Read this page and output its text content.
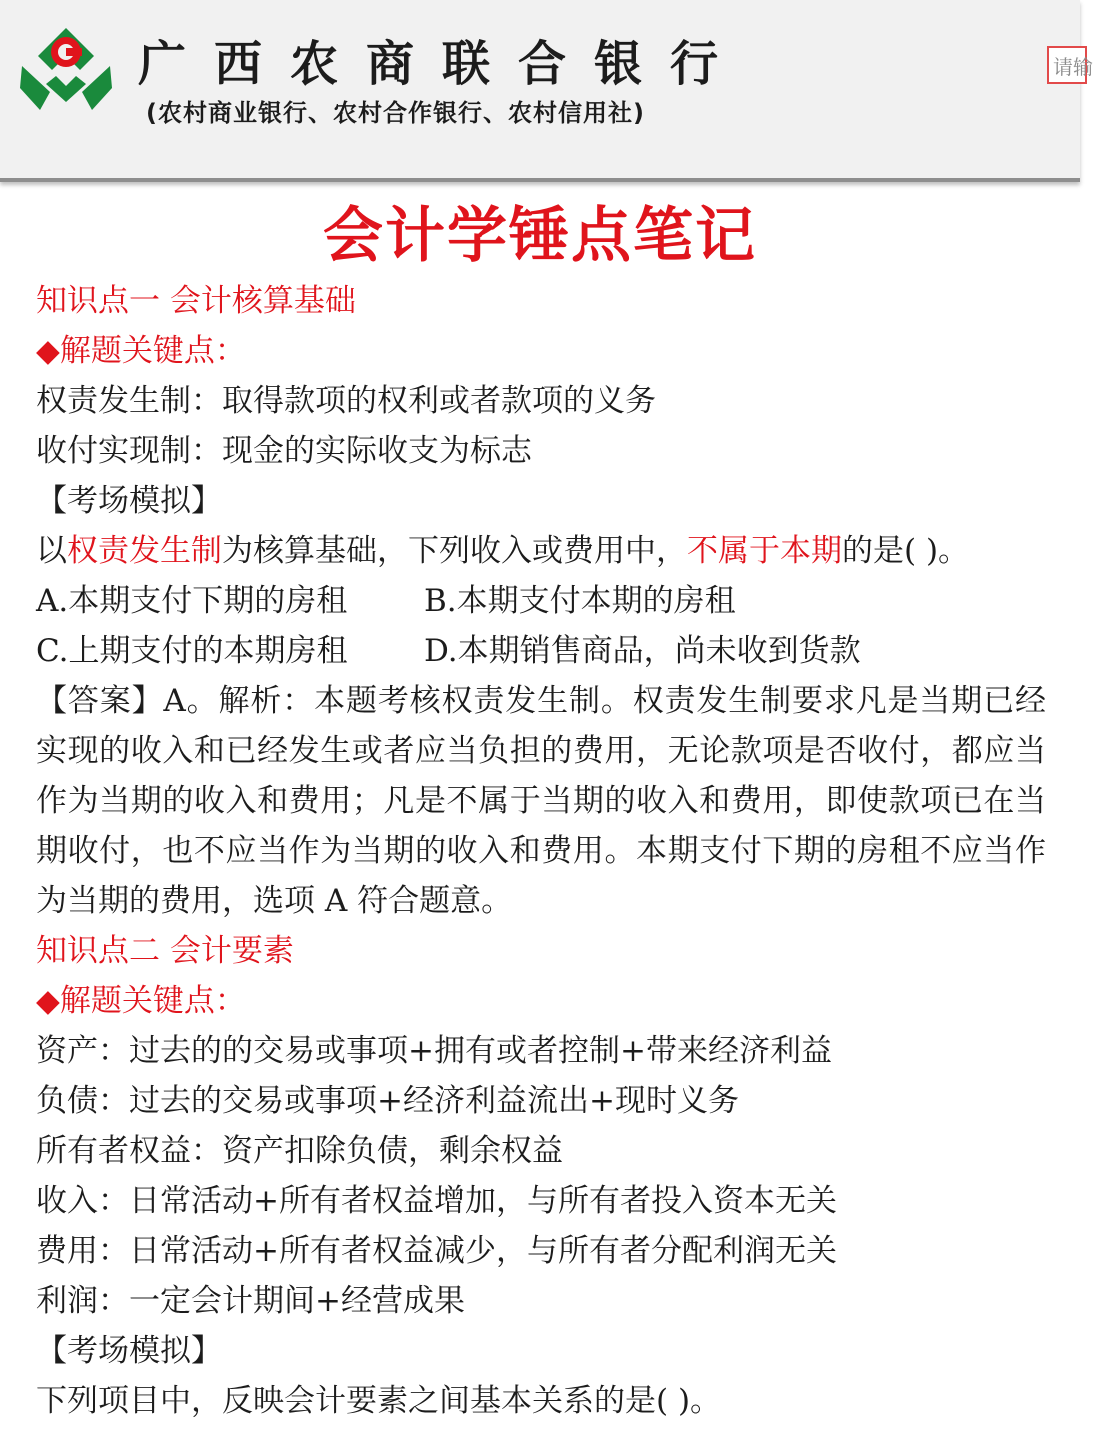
广西农商联合银行
(农村商业银行、农村合作银行、农村信用社)
请输
会计学锤点笔记
知识点一 会计核算基础
◆解题关键点：
权责发生制：取得款项的权利或者款项的义务
收付实现制：现金的实际收支为标志
【考场模拟】
以权责发生制为核算基础，下列收入或费用中，不属于本期的是( )。
A.本期支付下期的房租 B.本期支付本期的房租
C.上期支付的本期房租 D.本期销售商品，尚未收到货款
【答案】A。解析：本题考核权责发生制。权责发生制要求凡是当期已经实现的收入和已经发生或者应当负担的费用，无论款项是否收付，都应当作为当期的收入和费用；凡是不属于当期的收入和费用，即使款项已在当期收付，也不应当作为当期的收入和费用。本期支付下期的房租不应当作为当期的费用，选项 A 符合题意。
知识点二 会计要素
◆解题关键点：
资产：过去的的交易或事项+拥有或者控制+带来经济利益
负债：过去的交易或事项+经济利益流出+现时义务
所有者权益：资产扣除负债，剩余权益
收入：日常活动+所有者权益增加，与所有者投入资本无关
费用：日常活动+所有者权益减少，与所有者分配利润无关
利润：一定会计期间+经营成果
【考场模拟】
下列项目中，反映会计要素之间基本关系的是( )。
